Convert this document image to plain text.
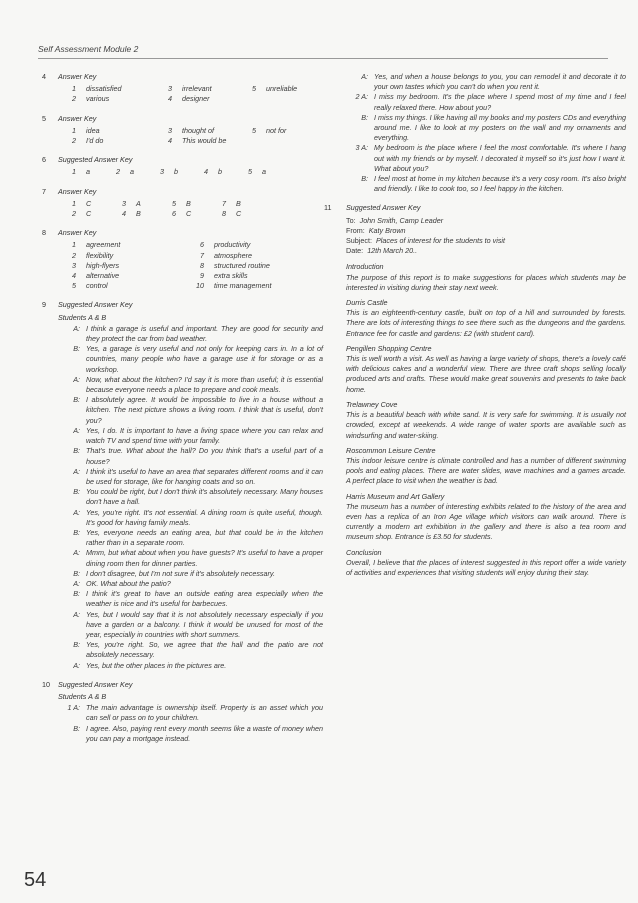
Self Assessment Module 2
4 Answer Key
1 dissatisfied	3 irrelevant	5 unreliable
2 various	4 designer
5 Answer Key
1 idea	3 thought of	5 not for
2 I'd do	4 This would be
6 Suggested Answer Key
1 a	2 a	3 b	4 b	5 a
7 Answer Key
1 C	3 A	5 B	7 B
2 C	4 B	6 C	8 C
8 Answer Key
1 agreement	6 productivity
2 flexibility	7 atmosphere
3 high-flyers	8 structured routine
4 alternative	9 extra skills
5 control	10 time management
9 Suggested Answer Key
Students A & B
A: I think a garage is useful and important. They are good for security and they protect the car from bad weather.
B: Yes, a garage is very useful and not only for keeping cars in. In a lot of countries, many people who have a garage use it for storage or as a workshop.
A: Now, what about the kitchen? I'd say it is more than useful; it is essential because everyone needs a place to prepare and cook meals.
B: I absolutely agree. It would be impossible to live in a house without a kitchen. The next picture shows a living room. I think that is useful, don't you?
A: Yes, I do. It is important to have a living space where you can relax and watch TV and spend time with your family.
B: That's true. What about the hall? Do you think that's a useful part of a house?
A: I think it's useful to have an area that separates different rooms and it can be used for storage, like for hanging coats and so on.
B: You could be right, but I don't think it's absolutely necessary. Many houses don't have a hall.
A: Yes, you're right. It's not essential. A dining room is quite useful, though. It's good for having family meals.
B: Yes, everyone needs an eating area, but that could be in the kitchen rather than in a separate room.
A: Mmm, but what about when you have guests? It's useful to have a proper dining room then for dinner parties.
B: I don't disagree, but I'm not sure if it's absolutely necessary.
A: OK. What about the patio?
B: I think it's great to have an outside eating area especially when the weather is nice and it's useful for barbecues.
A: Yes, but I would say that it is not absolutely necessary especially if you have a garden or a balcony. I think it would be unused for most of the year, especially in countries with short summers.
B: Yes, you're right. So, we agree that the hall and the patio are not absolutely necessary.
A: Yes, but the other places in the pictures are.
10 Suggested Answer Key
Students A & B
1 A: The main advantage is ownership itself. Property is an asset which you can sell or pass on to your children.
B: I agree. Also, paying rent every month seems like a waste of money when you can pay a mortgage instead.
A: Yes, and when a house belongs to you, you can remodel it and decorate it to your own tastes which you can't do when you rent it.
2 A: I miss my bedroom. It's the place where I spend most of my time and I feel really relaxed there. How about you?
B: I miss my things. I like having all my books and my posters CDs and everything around me. I like to look at my posters on the wall and my ornaments and everything.
3 A: My bedroom is the place where I feel the most comfortable. It's where I hang out with my friends or by myself. I decorated it myself so it's just how I want it. What about you?
B: I feel most at home in my kitchen because it's a very cosy room. It's also bright and friendly. I like to cook too, so I feel happy in the kitchen.
11 Suggested Answer Key
To: John Smith, Camp Leader
From: Katy Brown
Subject: Places of interest for the students to visit
Date: 12th March 20..
Introduction
The purpose of this report is to make suggestions for places which students may be interested in visiting during their stay next week.
Durris Castle
This is an eighteenth-century castle, built on top of a hill and surrounded by forests. There are lots of interesting things to see there such as the dungeons and the gardens. Entrance fee for castle and gardens: £2 (with student card).
Pengillen Shopping Centre
This is well worth a visit. As well as having a large variety of shops, there's a lovely café with delicious cakes and a wonderful view. There are three craft shops selling locally produced arts and crafts. These would make great souvenirs and presents to take back home.
Trelawney Cove
This is a beautiful beach with white sand. It is very safe for swimming. It is usually not crowded, except at weekends. A wide range of water sports are available such as windsurfing and water-skiing.
Roscommon Leisure Centre
This indoor leisure centre is climate controlled and has a number of different swimming pools and eating places. There are water slides, wave machines and a games arcade. A perfect place to visit when the weather is bad.
Harris Museum and Art Gallery
The museum has a number of interesting exhibits related to the history of the area and even has a replica of an Iron Age village which visitors can walk around. There is currently a modern art exhibition in the gallery and there is also a tea room and museum shop. Entrance is £3.50 for students.
Conclusion
Overall, I believe that the places of interest suggested in this report offer a wide variety of activities and experiences that visiting students will enjoy during their stay.
54
